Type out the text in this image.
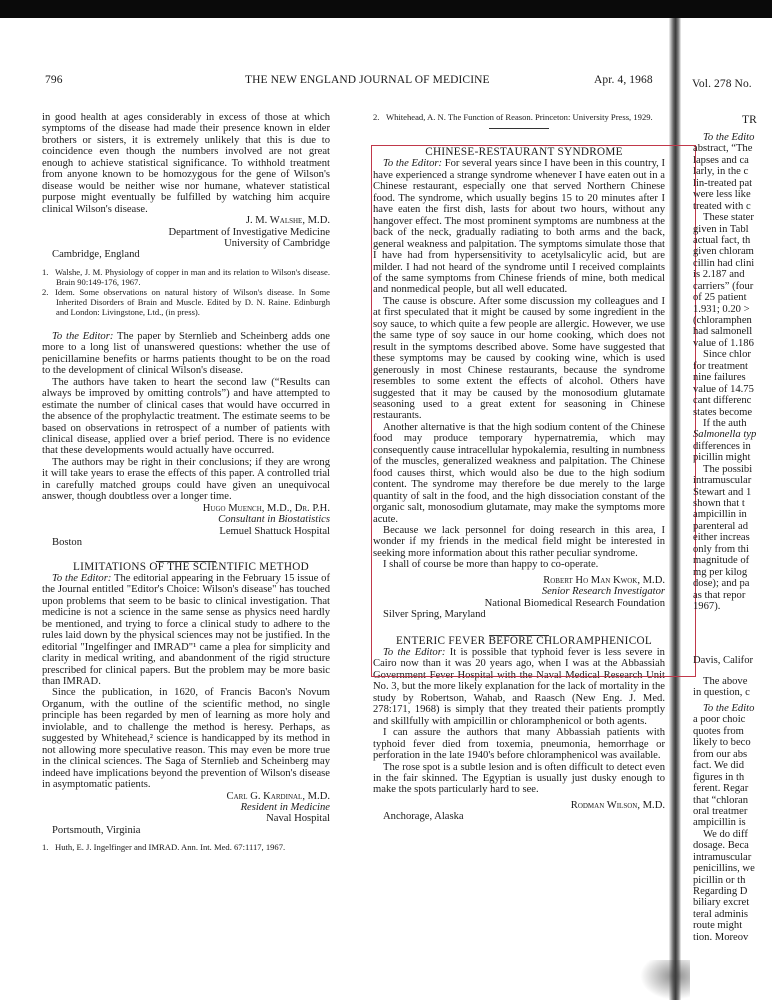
796	THE NEW ENGLAND JOURNAL OF MEDICINE	Apr. 4, 1968	Vol. 278 No.

in good health at ages considerably in excess of those at which symptoms of the disease had made their presence known in elder brothers or sisters, it is extremely unlikely that this is due to coincidence even though the numbers involved are not great enough to achieve statistical significance. To withhold treatment from anyone known to be homozygous for the gene of Wilson's disease would be neither wise nor humane, whatever statistical purpose might eventually be fulfilled by watching him acquire clinical Wilson's disease.

J. M. Walshe, M.D.

Department of Investigative Medicine

University of Cambridge

Cambridge, England

1. Walshe, J. M. Physiology of copper in man and its relation to Wilson's disease. Brain 90:149-176, 1967.
2. Idem. Some observations on natural history of Wilson's disease. In Some Inherited Disorders of Brain and Muscle. Edited by D. N. Raine. Edinburgh and London: Livingstone, Ltd., (in press).

To the Editor: The paper by Sternlieb and Scheinberg adds one more to a long list of unanswered questions: whether the use of penicillamine benefits or harms patients thought to be on the road to the development of clinical Wilson's disease.

The authors have taken to heart the second law (“Results can always be improved by omitting controls”) and have attempted to estimate the number of clinical cases that would have occurred in the absence of the prophylactic treatment. The estimate seems to be based on observations in retrospect of a number of patients with clinical disease, applied over a brief period. There is no evidence that these developments would actually have occurred.

The authors may be right in their conclusions; if they are wrong it will take years to erase the effects of this paper. A controlled trial in carefully matched groups could have given an unequivocal answer, though doubtless over a longer time.

Hugo Muench, M.D., Dr. P.H.

Consultant in Biostatistics

Lemuel Shattuck Hospital

Boston

LIMITATIONS OF THE SCIENTIFIC METHOD

To the Editor: The editorial appearing in the February 15 issue of the Journal entitled "Editor's Choice: Wilson's disease" has touched upon problems that seem to be basic to clinical investigation. That medicine is not a science in the same sense as physics need hardly be mentioned, and trying to force a clinical study to adhere to the rules laid down by the physical sciences may not be justified. In the editorial "Ingelfinger and IMRAD"¹ came a plea for simplicity and clarity in medical writing, and abandonment of the rigid structure prescribed for clinical papers. But the problem may be more basic than IMRAD.

Since the publication, in 1620, of Francis Bacon's Novum Organum, with the outline of the scientific method, no single principle has been regarded by men of learning as more holy and inviolable, and to challenge the method is heresy. Perhaps, as suggested by Whitehead,² science is handicapped by its method in not allowing more speculative reason. This may even be more true in the clinical sciences. The Saga of Sternlieb and Scheinberg may indeed have implications beyond the prevention of Wilson's disease in asymptomatic patients.

Carl G. Kardinal, M.D.

Resident in Medicine

Naval Hospital

Portsmouth, Virginia

1. Huth, E. J. Ingelfinger and IMRAD. Ann. Int. Med. 67:1117, 1967.
2. Whitehead, A. N. The Function of Reason. Princeton: University Press, 1929.

CHINESE-RESTAURANT SYNDROME

To the Editor: For several years since I have been in this country, I have experienced a strange syndrome whenever I have eaten out in a Chinese restaurant, especially one that served Northern Chinese food. The syndrome, which usually begins 15 to 20 minutes after I have eaten the first dish, lasts for about two hours, without any hangover effect. The most prominent symptoms are numbness at the back of the neck, gradually radiating to both arms and the back, general weakness and palpitation. The symptoms simulate those that I have had from hypersensitivity to acetylsalicylic acid, but are milder. I had not heard of the syndrome until I received complaints of the same symptoms from Chinese friends of mine, both medical and nonmedical people, but all well educated.

The cause is obscure. After some discussion my colleagues and I at first speculated that it might be caused by some ingredient in the soy sauce, to which quite a few people are allergic. However, we use the same type of soy sauce in our home cooking, which does not result in the symptoms described above. Some have suggested that these symptoms may be caused by cooking wine, which is used generously in most Chinese restaurants, because the syndrome resembles to some extent the effects of alcohol. Others have suggested that it may be caused by the monosodium glutamate seasoning used to a great extent for seasoning in Chinese restaurants.

Another alternative is that the high sodium content of the Chinese food may produce temporary hypernatremia, which may consequently cause intracellular hypokalemia, resulting in numbness of the muscles, generalized weakness and palpitation. The Chinese food causes thirst, which would also be due to the high sodium content. The syndrome may therefore be due merely to the large quantity of salt in the food, and the high dissociation constant of the organic salt, monosodium glutamate, may make the symptoms more acute.

Because we lack personnel for doing research in this area, I wonder if my friends in the medical field might be interested in seeking more information about this rather peculiar syndrome.

I shall of course be more than happy to co-operate.

Robert Ho Man Kwok, M.D.

Senior Research Investigator

National Biomedical Research Foundation

Silver Spring, Maryland

ENTERIC FEVER BEFORE CHLORAMPHENICOL

To the Editor: It is possible that typhoid fever is less severe in Cairo now than it was 20 years ago, when I was at the Abbassiah Government Fever Hospital with the Naval Medical Research Unit No. 3, but the more likely explanation for the lack of mortality in the study by Robertson, Wahab, and Raasch (New Eng. J. Med. 278:171, 1968) is simply that they treated their patients promptly and skillfully with ampicillin or chloramphenicol or both agents.

I can assure the authors that many Abbassiah patients with typhoid fever died from toxemia, pneumonia, hemorrhage or perforation in the late 1940's before chloramphenicol was available.

The rose spot is a subtle lesion and is often difficult to detect even in the fair skinned. The Egyptian is usually just dusky enough to make the spots particularly hard to see.

Rodman Wilson, M.D.

Anchorage, Alaska

TR
To the Edito
abstract, “The
lapses and ca
larly, in the c
lin-treated pat
were less like
treated with c
These stater
given in Tabl
actual fact, th
given chloram
cillin had clini
is 2.187 and
carriers” (four
of 25 patient
1.931; 0.20 >
(chloramphen
had salmonell
value of 1.186
Since chlor
for treatment
nine failures
value of 14.75
cant differenc
states become
If the auth
Salmonella typ
differences in
picillin might
The possibi
intramuscular
Stewart and 1
shown that t
ampicillin in
parenteral ad
either increas
only from thi
magnitude of
mg per kilog
dose); and pa
as that repor
1967).
Davis, Califor
The above
in question, c
To the Edito
a poor choic
quotes from
likely to beco
from our abs
fact. We did
figures in th
ferent. Regar
that “chloran
oral treatmer
ampicillin is
We do diff
dosage. Beca
intramuscular
penicillins, we
picillin or th
Regarding D
biliary excret
teral adminis
route might
tion. Moreov
